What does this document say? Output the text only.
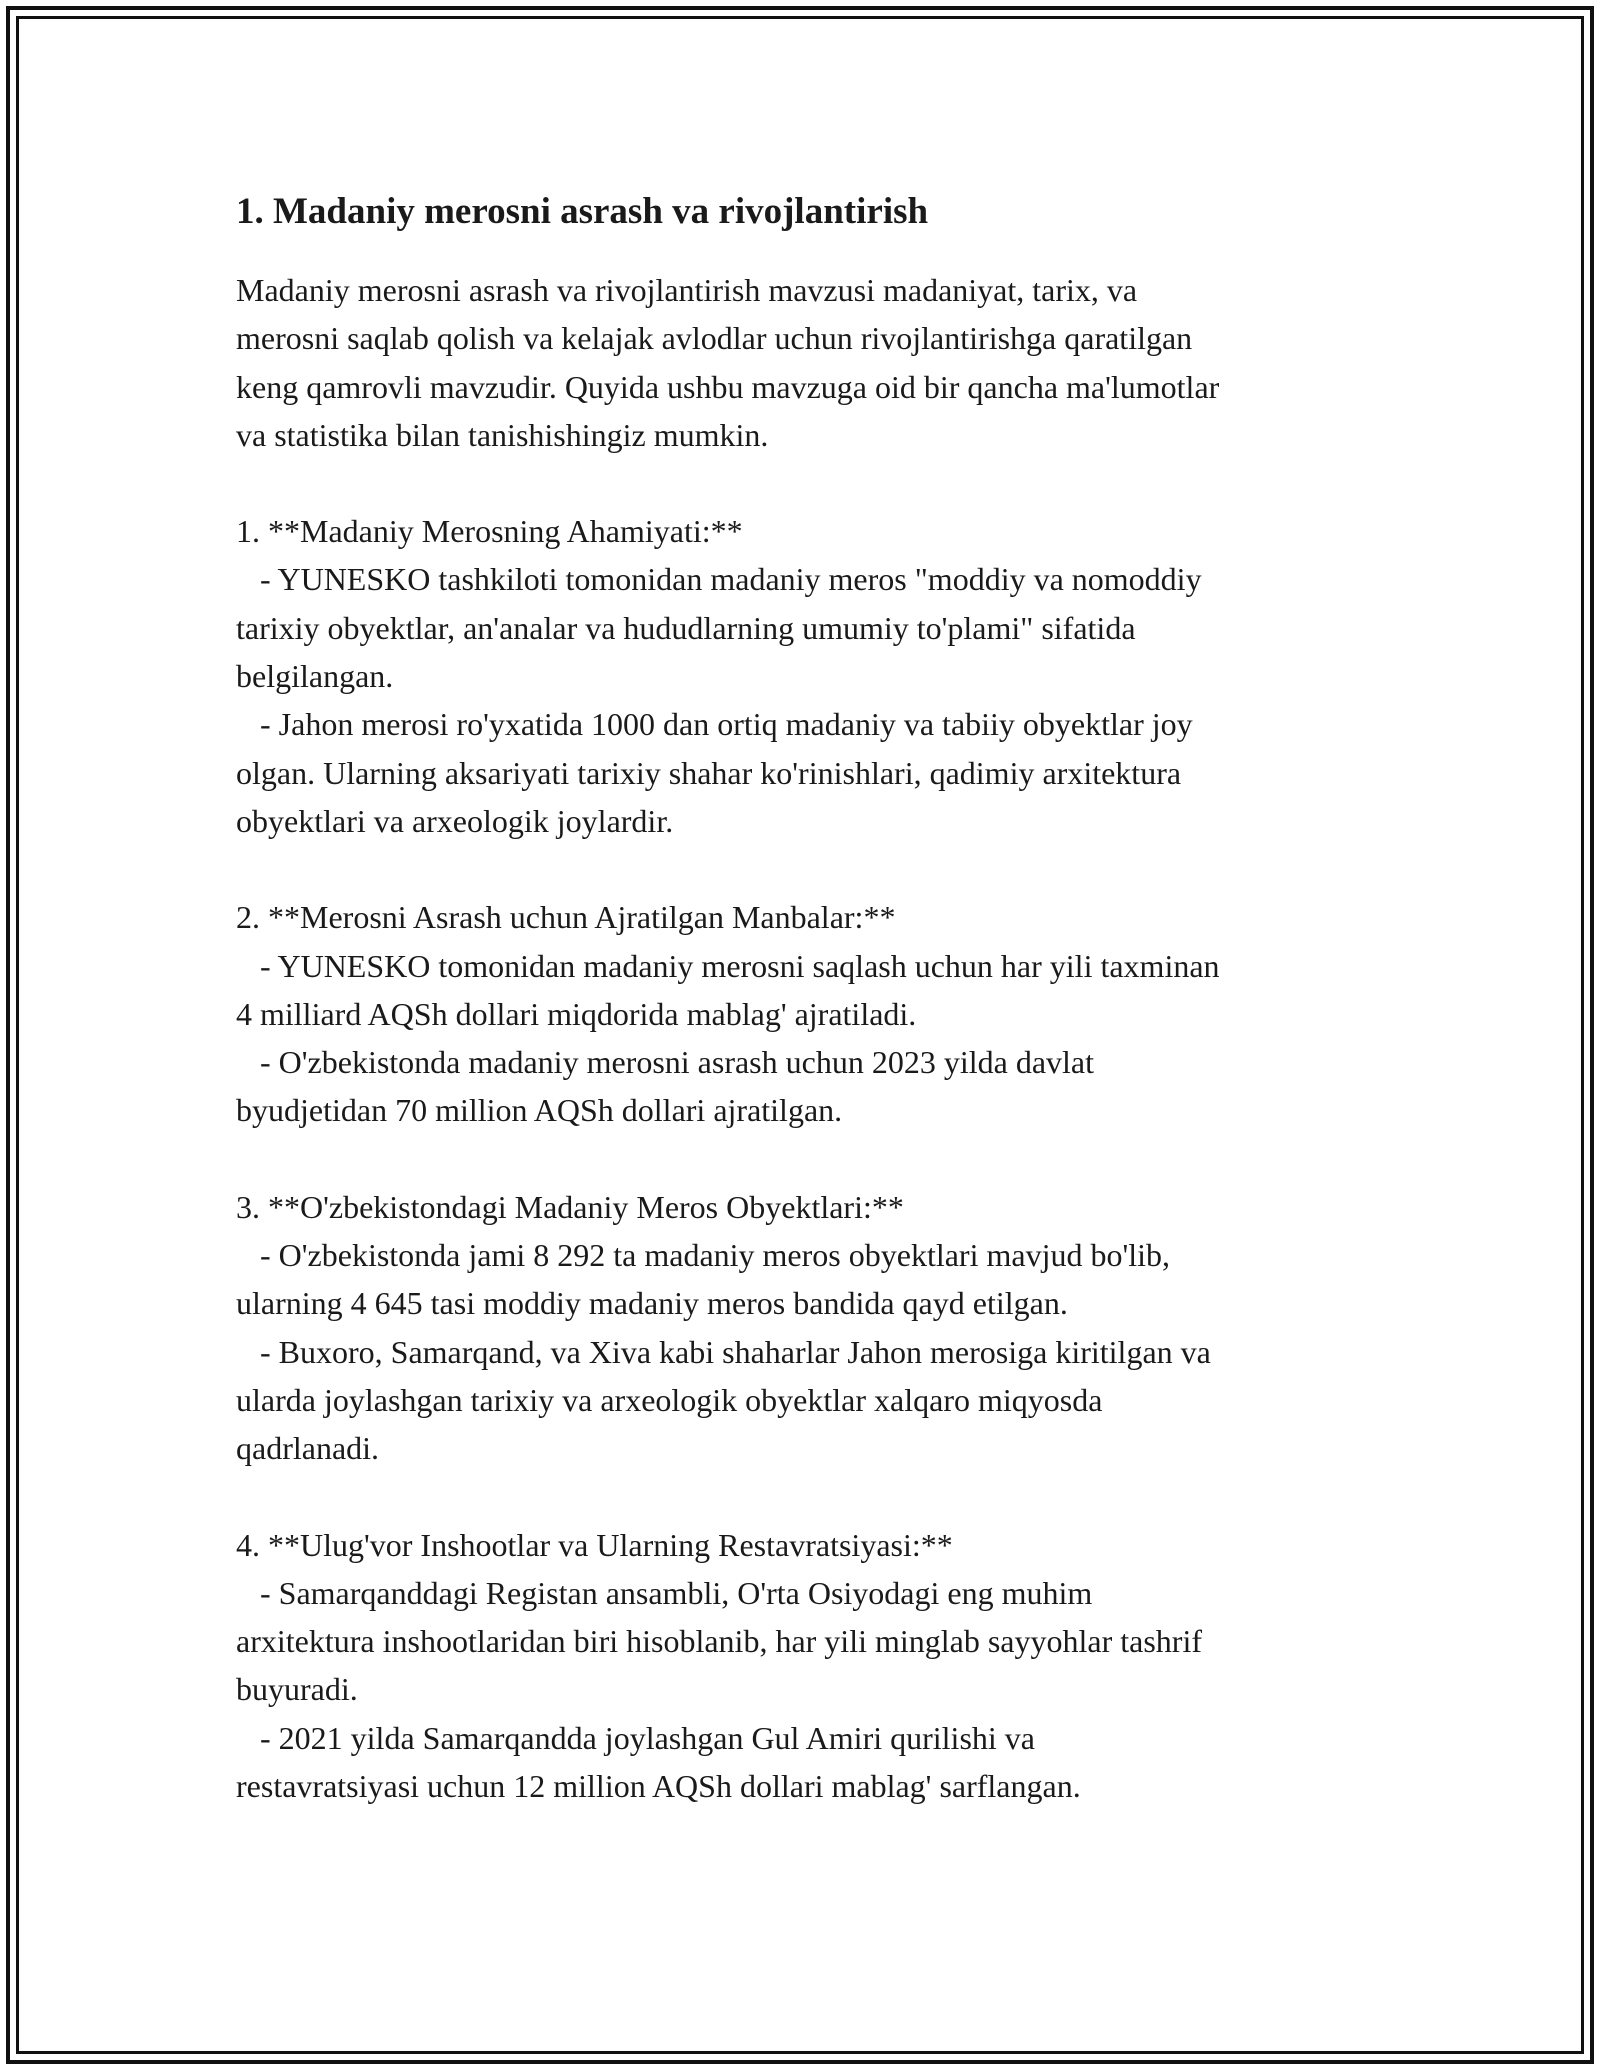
1. Madaniy merosni asrash va rivojlantirish
Madaniy merosni asrash va rivojlantirish mavzusi madaniyat, tarix, va
merosni saqlab qolish va kelajak avlodlar uchun rivojlantirishga qaratilgan
keng qamrovli mavzudir. Quyida ushbu mavzuga oid bir qancha ma'lumotlar
va statistika bilan tanishishingiz mumkin.
1. **Madaniy Merosning Ahamiyati:**
- YUNESKO tashkiloti tomonidan madaniy meros "moddiy va nomoddiy
tarixiy obyektlar, an'analar va hududlarning umumiy to'plami" sifatida
belgilangan.
- Jahon merosi ro'yxatida 1000 dan ortiq madaniy va tabiiy obyektlar joy
olgan. Ularning aksariyati tarixiy shahar ko'rinishlari, qadimiy arxitektura
obyektlari va arxeologik joylardir.
2. **Merosni Asrash uchun Ajratilgan Manbalar:**
- YUNESKO tomonidan madaniy merosni saqlash uchun har yili taxminan
4 milliard AQSh dollari miqdorida mablag' ajratiladi.
- O'zbekistonda madaniy merosni asrash uchun 2023 yilda davlat
byudjetidan 70 million AQSh dollari ajratilgan.
3. **O'zbekistondagi Madaniy Meros Obyektlari:**
- O'zbekistonda jami 8 292 ta madaniy meros obyektlari mavjud bo'lib,
ularning 4 645 tasi moddiy madaniy meros bandida qayd etilgan.
- Buxoro, Samarqand, va Xiva kabi shaharlar Jahon merosiga kiritilgan va
ularda joylashgan tarixiy va arxeologik obyektlar xalqaro miqyosda
qadrlanadi.
4. **Ulug'vor Inshootlar va Ularning Restavratsiyasi:**
- Samarqanddagi Registan ansambli, O'rta Osiyodagi eng muhim
arxitektura inshootlaridan biri hisoblanib, har yili minglab sayyohlar tashrif
buyuradi.
- 2021 yilda Samarqandda joylashgan Gul Amiri qurilishi va
restavratsiyasi uchun 12 million AQSh dollari mablag' sarflangan.
